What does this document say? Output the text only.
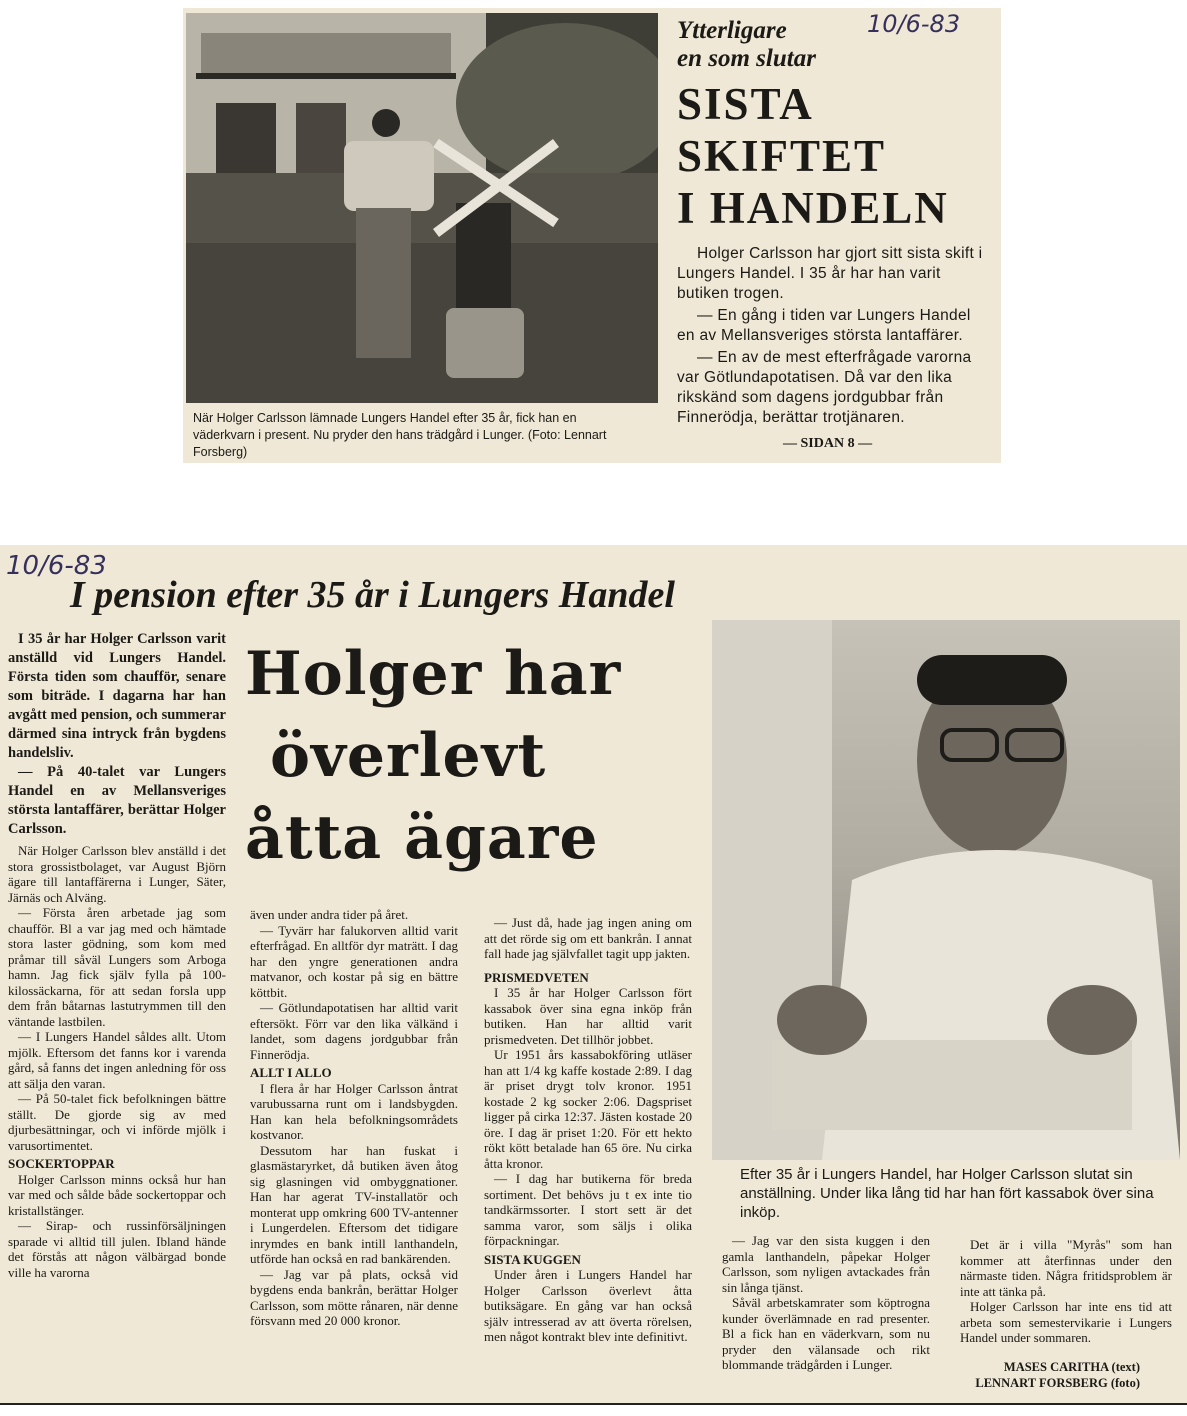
När Holger Carlsson lämnade Lungers Handel efter 35 år, fick han en väderkvarn i present. Nu pryder den hans trädgård i Lunger. (Foto: Lennart Forsberg)
10/6-83
Ytterligare
en som slutar
SISTA
SKIFTET
I HANDELN

Holger Carlsson har gjort sitt sista skift i Lungers Handel. I 35 år har han varit butiken trogen.

— En gång i tiden var Lungers Handel en av Mellansveriges största lantaffärer.

— En av de mest efterfrågade varorna var Götlundapotatisen. Då var den lika rikskänd som dagens jordgubbar från Finnerödja, berättar trotjänaren.

— SIDAN 8 —
10/6-83
I pension efter 35 år i Lungers Handel
Holger har
överlevt
åtta ägare
Efter 35 år i Lungers Handel, har Holger Carlsson slutat sin anställning. Under lika lång tid har han fört kassabok över sina inköp.

I 35 år har Holger Carlsson varit anställd vid Lungers Handel. Första tiden som chaufför, senare som biträde. I dagarna har han avgått med pension, och summerar därmed sina intryck från bygdens handelsliv.

— På 40-talet var Lungers Handel en av Mellansveriges största lantaffärer, berättar Holger Carlsson.

När Holger Carlsson blev anställd i det stora grossistbolaget, var August Björn ägare till lantaffärerna i Lunger, Säter, Järnäs och Alväng.

— Första åren arbetade jag som chaufför. Bl a var jag med och hämtade stora laster gödning, som kom med pråmar till såväl Lungers som Arboga hamn. Jag fick själv fylla på 100-kilossäckarna, för att sedan forsla upp dem från båtarnas lastutrymmen till den väntande lastbilen.

— I Lungers Handel såldes allt. Utom mjölk. Eftersom det fanns kor i varenda gård, så fanns det ingen anledning för oss att sälja den varan.

— På 50-talet fick befolkningen bättre ställt. De gjorde sig av med djurbesättningar, och vi införde mjölk i varusortimentet.

SOCKERTOPPAR

Holger Carlsson minns också hur han var med och sålde både sockertoppar och kristallstänger.

— Sirap- och russinförsäljningen sparade vi alltid till julen. Ibland hände det förstås att någon välbärgad bonde ville ha varorna

även under andra tider på året.

— Tyvärr har falukorven alltid varit efterfrågad. En alltför dyr maträtt. I dag har den yngre generationen andra matvanor, och kostar på sig en bättre köttbit.

— Götlundapotatisen har alltid varit eftersökt. Förr var den lika välkänd i landet, som dagens jordgubbar från Finnerödja.

ALLT I ALLO

I flera år har Holger Carlsson åntrat varubussarna runt om i landsbygden. Han kan hela befolkningsområdets kostvanor.

Dessutom har han fuskat i glasmästaryrket, då butiken även åtog sig glasningen vid ombyggnationer. Han har agerat TV-installatör och monterat upp omkring 600 TV-antenner i Lungerdelen. Eftersom det tidigare inrymdes en bank intill lanthandeln, utförde han också en rad bankärenden.

— Jag var på plats, också vid bygdens enda bankrån, berättar Holger Carlsson, som mötte rånaren, när denne försvann med 20 000 kronor.

— Just då, hade jag ingen aning om att det rörde sig om ett bankrån. I annat fall hade jag självfallet tagit upp jakten.

PRISMEDVETEN

I 35 år har Holger Carlsson fört kassabok över sina egna inköp från butiken. Han har alltid varit prismedveten. Det tillhör jobbet.

Ur 1951 års kassabokföring utläser han att 1/4 kg kaffe kostade 2:89. I dag är priset drygt tolv kronor. 1951 kostade 2 kg socker 2:06. Dagspriset ligger på cirka 12:37. Jästen kostade 20 öre. I dag är priset 1:20. För ett hekto rökt kött betalade han 65 öre. Nu cirka åtta kronor.

— I dag har butikerna för breda sortiment. Det behövs ju t ex inte tio tandkärmssorter. I stort sett är det samma varor, som säljs i olika förpackningar.

SISTA KUGGEN

Under åren i Lungers Handel har Holger Carlsson överlevt åtta butiksägare. En gång var han också själv intresserad av att överta rörelsen, men något kontrakt blev inte definitivt.

— Jag var den sista kuggen i den gamla lanthandeln, påpekar Holger Carlsson, som nyligen avtackades från sin långa tjänst.

Såväl arbetskamrater som köptrogna kunder överlämnade en rad presenter. Bl a fick han en väderkvarn, som nu pryder den välansade och rikt blommande trädgården i Lunger.

Det är i villa "Myrås" som han kommer att återfinnas under den närmaste tiden. Några fritidsproblem är inte att tänka på.

Holger Carlsson har inte ens tid att arbeta som semestervikarie i Lungers Handel under sommaren.

MASES CARITHA (text)
LENNART FORSBERG (foto)
